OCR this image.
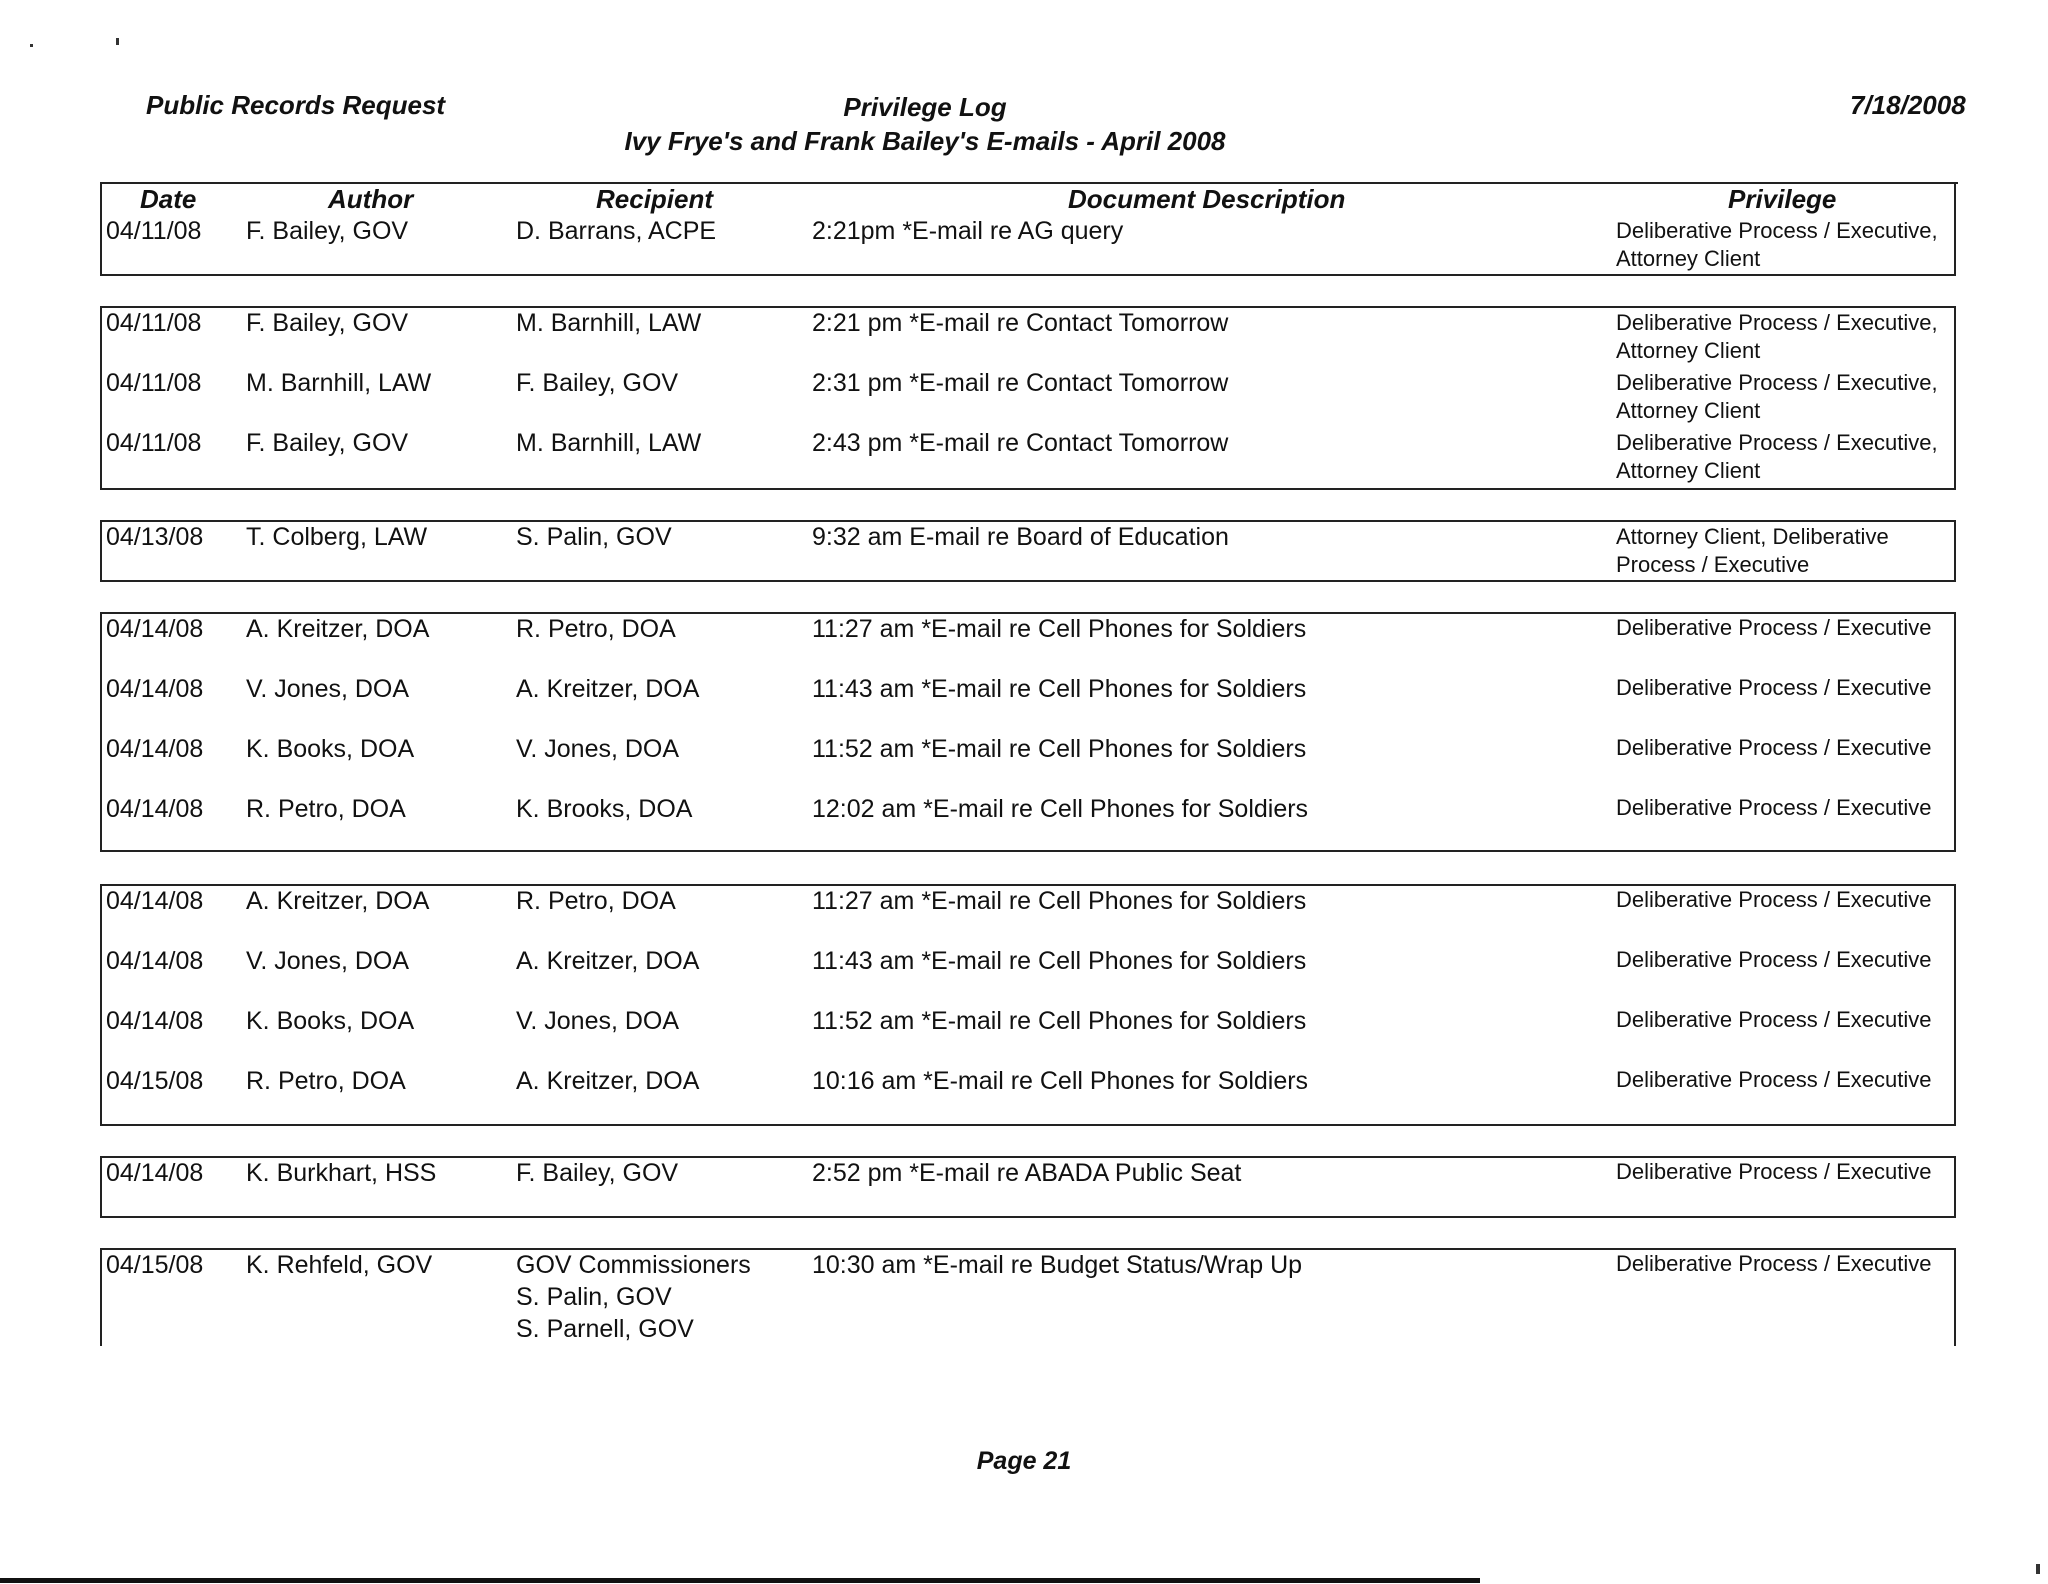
Public Records Request	Privilege Log
Ivy Frye's and Frank Bailey's E-mails - April 2008
7/18/2008
Date	Author	Recipient	Document Description	Privilege
04/11/08 F. Bailey, GOV	D. Barrans, ACPE	2:21pm *E-mail re AG query	Deliberative Process / Executive,
Attorney Client
04/11/08 F. Bailey, GOV	M. Barnhill, LAW	2:21 pm *E-mail re Contact Tomorrow	Deliberative Process / Executive,
Attorney Client
04/11/08 M. Barnhill, LAW	F. Bailey, GOV	2:31 pm *E-mail re Contact Tomorrow	Deliberative Process / Executive,
Attorney Client
04/11/08 F. Bailey, GOV	M. Barnhill, LAW	2:43 pm *E-mail re Contact Tomorrow	Deliberative Process / Executive,
Attorney Client
04/13/08 T. Colberg, LAW	S. Palin, GOV	9:32 am E-mail re Board of Education	Attorney Client, Deliberative
Process / Executive
04/14/08 A. Kreitzer, DOA	R. Petro, DOA	11:27 am *E-mail re Cell Phones for Soldiers	Deliberative Process / Executive
04/14/08 V. Jones, DOA	A. Kreitzer, DOA	11:43 am *E-mail re Cell Phones for Soldiers	Deliberative Process / Executive
04/14/08 K. Books, DOA	V. Jones, DOA	11:52 am *E-mail re Cell Phones for Soldiers	Deliberative Process / Executive
04/14/08 R. Petro, DOA	K. Brooks, DOA	12:02 am *E-mail re Cell Phones for Soldiers	Deliberative Process / Executive
04/14/08 A. Kreitzer, DOA	R. Petro, DOA	11:27 am *E-mail re Cell Phones for Soldiers	Deliberative Process / Executive
04/14/08 V. Jones, DOA	A. Kreitzer, DOA	11:43 am *E-mail re Cell Phones for Soldiers	Deliberative Process / Executive
04/14/08 K. Books, DOA	V. Jones, DOA	11:52 am *E-mail re Cell Phones for Soldiers	Deliberative Process / Executive
04/15/08 R. Petro, DOA	A. Kreitzer, DOA	10:16 am *E-mail re Cell Phones for Soldiers	Deliberative Process / Executive
04/14/08 K. Burkhart, HSS	F. Bailey, GOV	2:52 pm *E-mail re ABADA Public Seat	Deliberative Process / Executive
04/15/08 K. Rehfeld, GOV	GOV Commissioners
S. Palin, GOV
S. Parnell, GOV
10:30 am *E-mail re Budget Status/Wrap Up	Deliberative Process / Executive
Page 21
